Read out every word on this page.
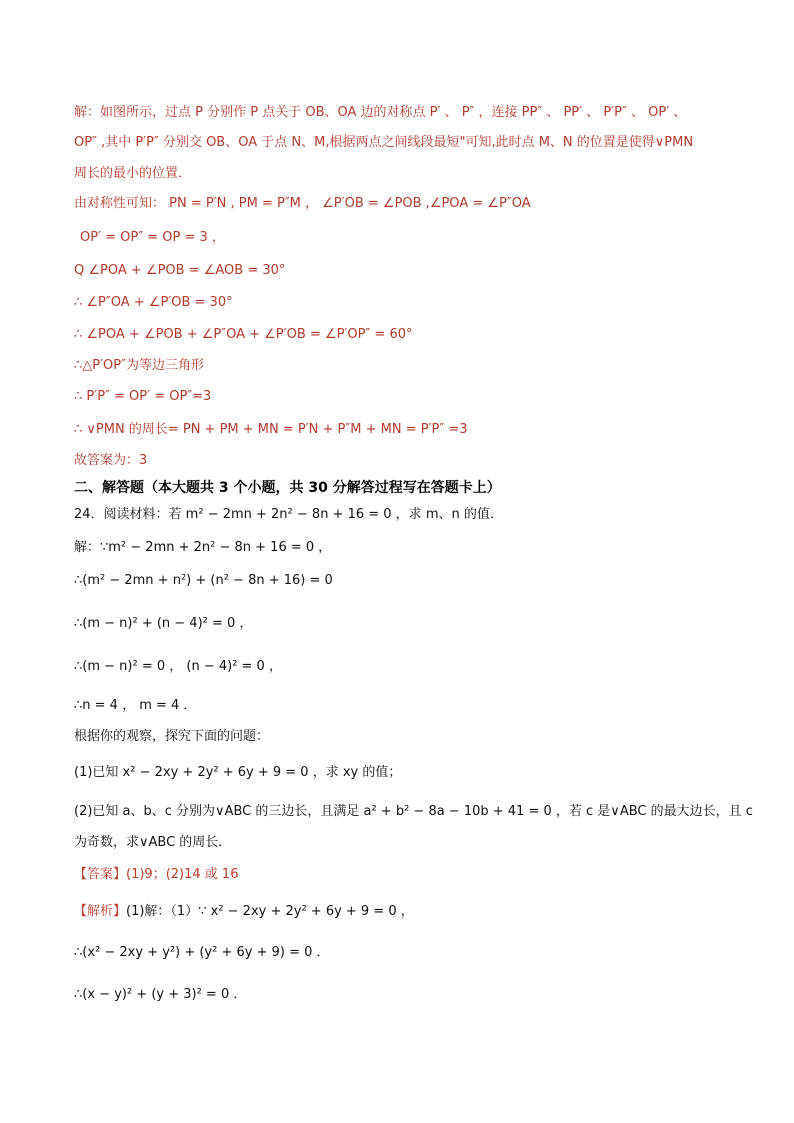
解：如图所示，过点 P 分别作 P 点关于 OB、OA 边的对称点 P′ 、 P″ ，连接 PP″ 、 PP′ 、 P′P″ 、 OP′ 、
OP″ ,其中 P′P″ 分别交 OB、OA 于点 N、M,根据两点之间线段最短"可知,此时点 M、N 的位置是使得∨PMN
周长的最小的位置．
由对称性可知： PN = P′N , PM = P″M ， ∠P′OB = ∠POB ,∠POA = ∠P″OA
OP′ = OP″ = OP = 3 ，
Q ∠POA + ∠POB = ∠AOB = 30°
∴ ∠P″OA + ∠P′OB = 30°
∴ ∠POA + ∠POB + ∠P″OA + ∠P′OB = ∠P′OP″ = 60°
∴△P′OP″为等边三角形
∴ P′P″ = OP′ = OP″=3
∴ ∨PMN 的周长= PN + PM + MN = P′N + P″M + MN = P′P″ =3
故答案为：3
二、解答题（本大题共 3 个小题，共 30 分解答过程写在答题卡上）
24．阅读材料：若 m² − 2mn + 2n² − 8n + 16 = 0 ，求 m、n 的值．
解：∵m² − 2mn + 2n² − 8n + 16 = 0 ，
∴(m² − 2mn + n²) + (n² − 8n + 16) = 0
∴(m − n)² + (n − 4)² = 0 ，
∴(m − n)² = 0 ， (n − 4)² = 0 ，
∴n = 4 ， m = 4 ．
根据你的观察，探究下面的问题：
(1)已知 x² − 2xy + 2y² + 6y + 9 = 0 ，求 xy 的值；
(2)已知 a、b、c 分别为∨ABC 的三边长，且满足 a² + b² − 8a − 10b + 41 = 0 ，若 c 是∨ABC 的最大边长，且 c
为奇数，求∨ABC 的周长．
【答案】(1)9；(2)14 或 16
【解析】(1)解：（1）∵ x² − 2xy + 2y² + 6y + 9 = 0 ，
∴(x² − 2xy + y²) + (y² + 6y + 9) = 0 ．
∴(x − y)² + (y + 3)² = 0 ．
